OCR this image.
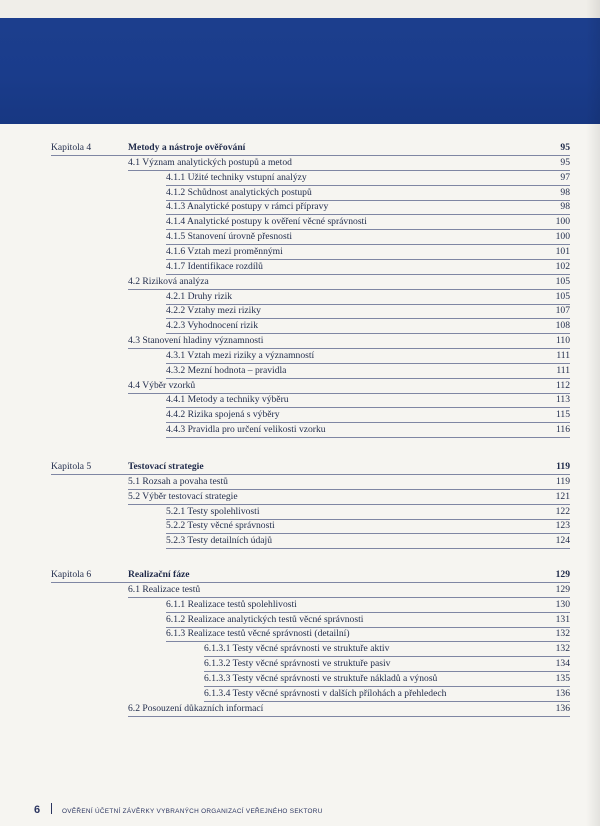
Kapitola 4	Metody a nástroje ověřování	95
4.1 Význam analytických postupů a metod	95
4.1.1 Užité techniky vstupní analýzy	97
4.1.2 Schůdnost analytických postupů	98
4.1.3 Analytické postupy v rámci přípravy	98
4.1.4 Analytické postupy k ověření věcné správnosti	100
4.1.5 Stanovení úrovně přesnosti	100
4.1.6 Vztah mezi proměnnými	101
4.1.7 Identifikace rozdílů	102
4.2 Riziková analýza	105
4.2.1 Druhy rizik	105
4.2.2 Vztahy mezi riziky	107
4.2.3 Vyhodnocení rizik	108
4.3 Stanovení hladiny významnosti	110
4.3.1 Vztah mezi riziky a významností	111
4.3.2 Mezní hodnota – pravidla	111
4.4 Výběr vzorků	112
4.4.1 Metody a techniky výběru	113
4.4.2 Rizika spojená s výběry	115
4.4.3 Pravidla pro určení velikosti vzorku	116
Kapitola 5	Testovací strategie	119
5.1 Rozsah a povaha testů	119
5.2 Výběr testovací strategie	121
5.2.1 Testy spolehlivosti	122
5.2.2 Testy věcné správnosti	123
5.2.3 Testy detailních údajů	124
Kapitola 6	Realizační fáze	129
6.1 Realizace testů	129
6.1.1 Realizace testů spolehlivosti	130
6.1.2 Realizace analytických testů věcné správnosti	131
6.1.3 Realizace testů věcné správnosti (detailní)	132
6.1.3.1 Testy věcné správnosti ve struktuře aktiv	132
6.1.3.2 Testy věcné správnosti ve struktuře pasiv	134
6.1.3.3 Testy věcné správnosti ve struktuře nákladů a výnosů	135
6.1.3.4 Testy věcné správnosti v dalších přílohách a přehledech	136
6.2 Posouzení důkazních informací	136
6	OVĚŘENÍ ÚČETNÍ ZÁVĚRKY VYBRANÝCH ORGANIZACÍ VEŘEJNÉHO SEKTORU
